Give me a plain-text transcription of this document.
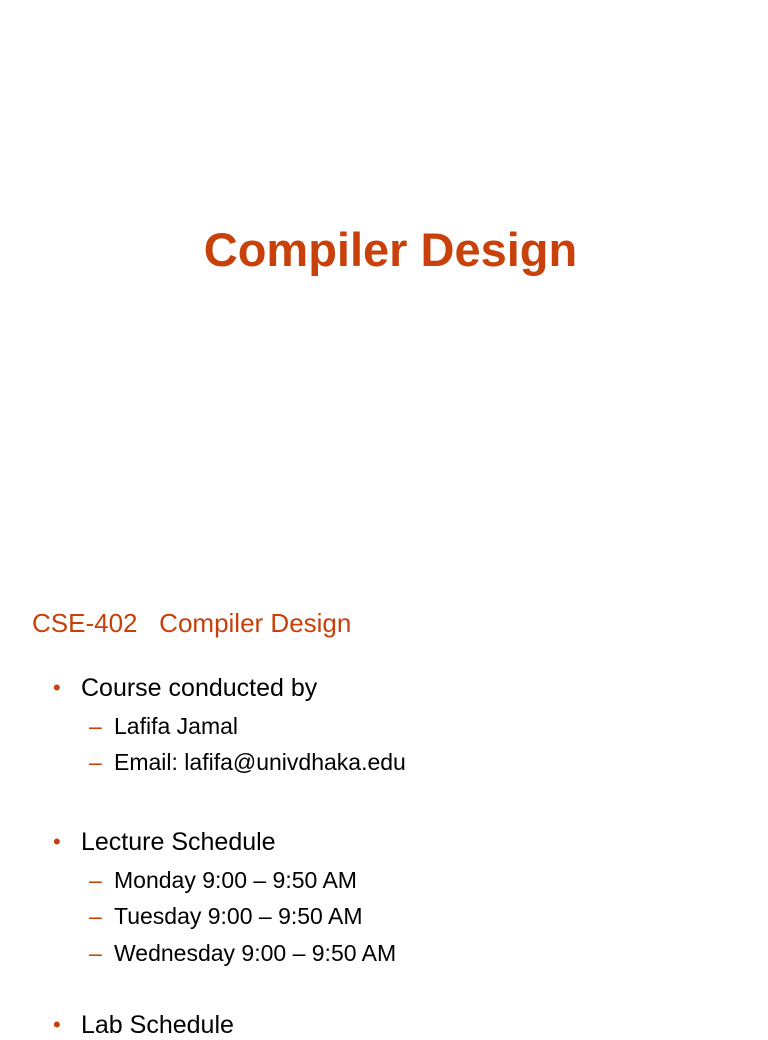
Compiler Design
CSE-402   Compiler Design
• Course conducted by
– Lafifa Jamal
– Email: lafifa@univdhaka.edu
• Lecture Schedule
– Monday 9:00 – 9:50 AM
– Tuesday 9:00 – 9:50 AM
– Wednesday 9:00 – 9:50 AM
• Lab Schedule
